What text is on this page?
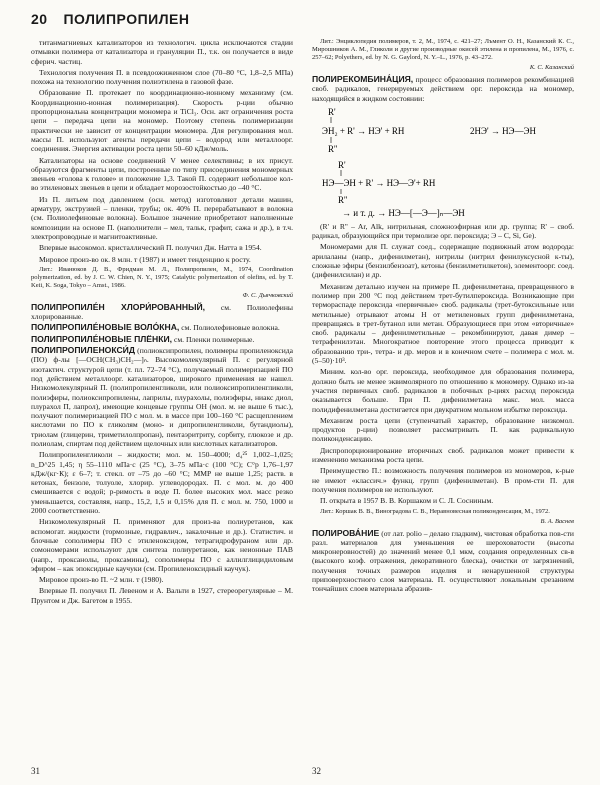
20 ПОЛИПРОПИЛЕН

титанмагниевых катализаторов из технологич. цикла исключаются стадии отмывки полимера от катализатора и грануляции П., т.к. он получается в виде сферич. частиц.

Технология получения П. в псевдоожиженном слое (70–80 °C, 1,8–2,5 МПа) похожа на технологию получения полиэтилена в газовой фазе.

Образование П. протекает по координационно-ионному механизму (см. Координационно-ионная полимеризация). Скорость р-ции обычно пропорциональна концентрации мономера и TiCl₃. Осн. акт ограничения роста цепи – передача цепи на мономер. Поэтому степень полимеризации практически не зависит от концентрации мономера. Для регулирования мол. массы П. используют агенты передачи цепи – водород или металлоорг. соединения. Энергия активации роста цепи 50–60 кДж/моль.

Катализаторы на основе соединений V менее селективны; в их присут. образуются фрагменты цепи, построенные по типу присоединения мономерных звеньев «голова к голове» и положение 1,3. Такой П. содержит небольшое кол-во этиленовых звеньев в цепи и обладает морозостойкостью до –40 °C.

Из П. литьем под давлением (осн. метод) изготовляют детали машин, арматуру, экструзией – пленки, трубы; ок. 40% П. перерабатывают в волокна (см. Полиолефиновые волокна). Большое значение приобретают наполненные композиции на основе П. (наполнители – мел, тальк, графит, сажа и др.), в т.ч. электропроводные и магнитоактивные.

Впервые высокомол. кристаллический П. получил Дж. Натта в 1954.

Мировое произ-во ок. 8 млн. т (1987) и имеет тенденцию к росту.

Лит.: Иванюков Д. В., Фридман М. Л., Полипропилен, М., 1974, Coordination polymerization, ed. by J. C. W. Chien, N. Y., 1975; Catalytic polymerization of olefins, ed. by T. Keii, K. Soga, Tokyo – Amst., 1986.

Ф. С. Дьячковский

ПОЛИПРОПИЛЕ́Н ХЛОРИ́РОВАННЫЙ, см. Полиолефины хлорированные.

ПОЛИПРОПИЛЕ́НОВЫЕ ВОЛО́КНА, см. Полиолефиновые волокна.

ПОЛИПРОПИЛЕ́НОВЫЕ ПЛЁНКИ, см. Пленки полимерные.

ПОЛИПРОПИЛЕНОКСИ́Д (полиоксипропилен, полимеры пропиленоксида (ПО) ф-лы [—OCH(CH₃)CH₂—]ₙ. Высокомолекулярный П. с регулярной изотактич. структурой цепи (т. пл. 72–74 °C), получаемый полимеризацией ПО под действием металлоорг. катализаторов, широкого применения не нашел. Низкомолекулярный П. (полипропиленгликоли, или полиоксипропиленгликоли, полиэфиры, полиоксипропилены, лаприлы, плурахолы, полиэфиры, ниакс диол, плурахол П, лапрол), имеющие концевые группы OH (мол. м. не выше 6 тыс.), получают полимеризацией ПО с мол. м. в массе при 100–160 °C расщеплением кислотами по ПО к гликолям (моно- и дипропиленгликоли, бутандиолы), триолам (глицерин, триметилолпропан), пентаэритриту, сорбиту, глюкозе и др. полиолам, спиртам под действием щелочных или кислотных катализаторов.

Полипропиленгликоли – жидкости; мол. м. 150–4000; d₄²⁵ 1,002–1,025; n_D^25 1,45; η 55–1110 мПа·с (25 °C), 3–75 мПа·с (100 °C); C°p 1,76–1,97 кДж/(кг·К); ε 6–7; т. стекл. от –75 до –60 °C; ММР не выше 1,25; раств. в кетонах, бензоле, толуоле, хлорир. углеводородах. П. с мол. м. до 400 смешивается с водой; р-римость в воде П. более высоких мол. масс резко уменьшается, составляя, напр., 15,2, 1,5 и 0,15% для П. с мол. м. 750, 1000 и 2000 соответственно.

Низкомолекулярный П. применяют для произ-ва полиуретанов, как вспомогат. жидкости (тормозные, гидравлич., закалочные и др.). Статистич. и блочные сополимеры ПО с этиленоксидом, тетрагидрофураном или др. сомономерами используют для синтеза полиуретанов, как неионные ПАВ (напр., проксанолы, проксамины), сополимеры ПО с аллилглицидиловым эфиром – как эпоксидные каучуки (см. Пропиленоксидный каучук).

Мировое произ-во П. ~2 млн. т (1980).

Впервые П. получил П. Левеном и А. Вальти в 1927, стереорегулярные – М. Прунтом и Дж. Багетом в 1955.

Лит.: Энциклопедия полимеров, т. 2, М., 1974, с. 421–27; Лъмент О. Н., Казанский К. С., Мирошников А. М., Гликоли и другие производные окисей этилена и пропилена, М., 1976, с. 257–62; Polyethers, ed. by N. G. Gaylord, N. Y.–L., 1976, p. 43–272.

К. С. Казанский

ПОЛИРЕКОМБИНА́ЦИЯ, процесс образования полимеров рекомбинацией своб. радикалов, генерируемых действием орг. пероксида на мономер, находящийся в жидком состоянии:

R'
ЭH₂ + R' → HЭ' + RH
R''
2HЭ' → HЭ—ЭH
R'
HЭ—ЭH + R' → HЭ—Э'+ RH
R''
→ и т. д. → HЭ—[—Э—]ₙ—ЭH

(R' и R'' – Ar, Alk, нитрильная, сложноэфирная или др. группа; R' – своб. радикал, образующийся при термолизе орг. пероксида; Э – C, Si, Ge).

Мономерами для П. служат соед., содержащие подвижный атом водорода: арилаланы (напр., дифенилметан), нитрилы (нитрил фенилуксусной к-ты), сложные эфиры (бензилбензоат), кетоны (бензилметилкетон), элементоорг. соед. (дифенилсилан) и др.

Механизм детально изучен на примере П. дифенилметана, превращенного в полимер при 200 °C под действием трет-бутилпероксида. Возникающие при термораспаде пероксида «первичные» своб. радикалы (трет-бутоксильные или метильные) отрывают атомы H от метиленовых групп дифенилметана, превращаясь в трет-бутанол или метан. Образующиеся при этом «вторичные» своб. радикалы – дифенилметильные – рекомбинируют, давая димер – тетрафенилэтан. Многократное повторение этого процесса приводит к образованию три-, тетра- и др. меров и в конечном счете – полимера с мол. м. (5–50)·10³.

Миним. кол-во орг. пероксида, необходимое для образования полимера, должно быть не менее эквимолярного по отношению к мономеру. Однако из-за участия первичных своб. радикалов в побочных р-циях расход пероксида оказывается больше. При П. дифенилметана макс. мол. масса полидифенилметана достигается при двукратном мольном избытке пероксида.

Механизм роста цепи (ступенчатый характер, образование низкомол. продуктов р-ции) позволяет рассматривать П. как радикальную поликонденсацию.

Диспропорционирование вторичных своб. радикалов может привести к изменению механизма роста цепи.

Преимущество П.: возможность получения полимеров из мономеров, к-рые не имеют «классич.» функц. групп (дифенилметан). В пром-сти П. для получения полимеров не используют.

П. открыта в 1957 В. В. Коршаком и С. Л. Сосниным.

Лит.: Коршак В. В., Виноградова С. В., Неравновесная поликонденсация, М., 1972.

В. А. Васнев

ПОЛИРОВА́НИЕ (от лат. polio – делаю гладким), чистовая обработка пов-сти разл. материалов для уменьшения ее шероховатости (высоты микронеровностей) до значений менее 0,1 мкм, создания определенных св-в (высокого коэф. отражения, декоративного блеска), очистки от загрязнений, получения точных размеров изделия и ненарушенной структуры приповерхностного слоя материала. П. осуществляют локальным срезанием тончайших слоев материала абразив-

31	32
